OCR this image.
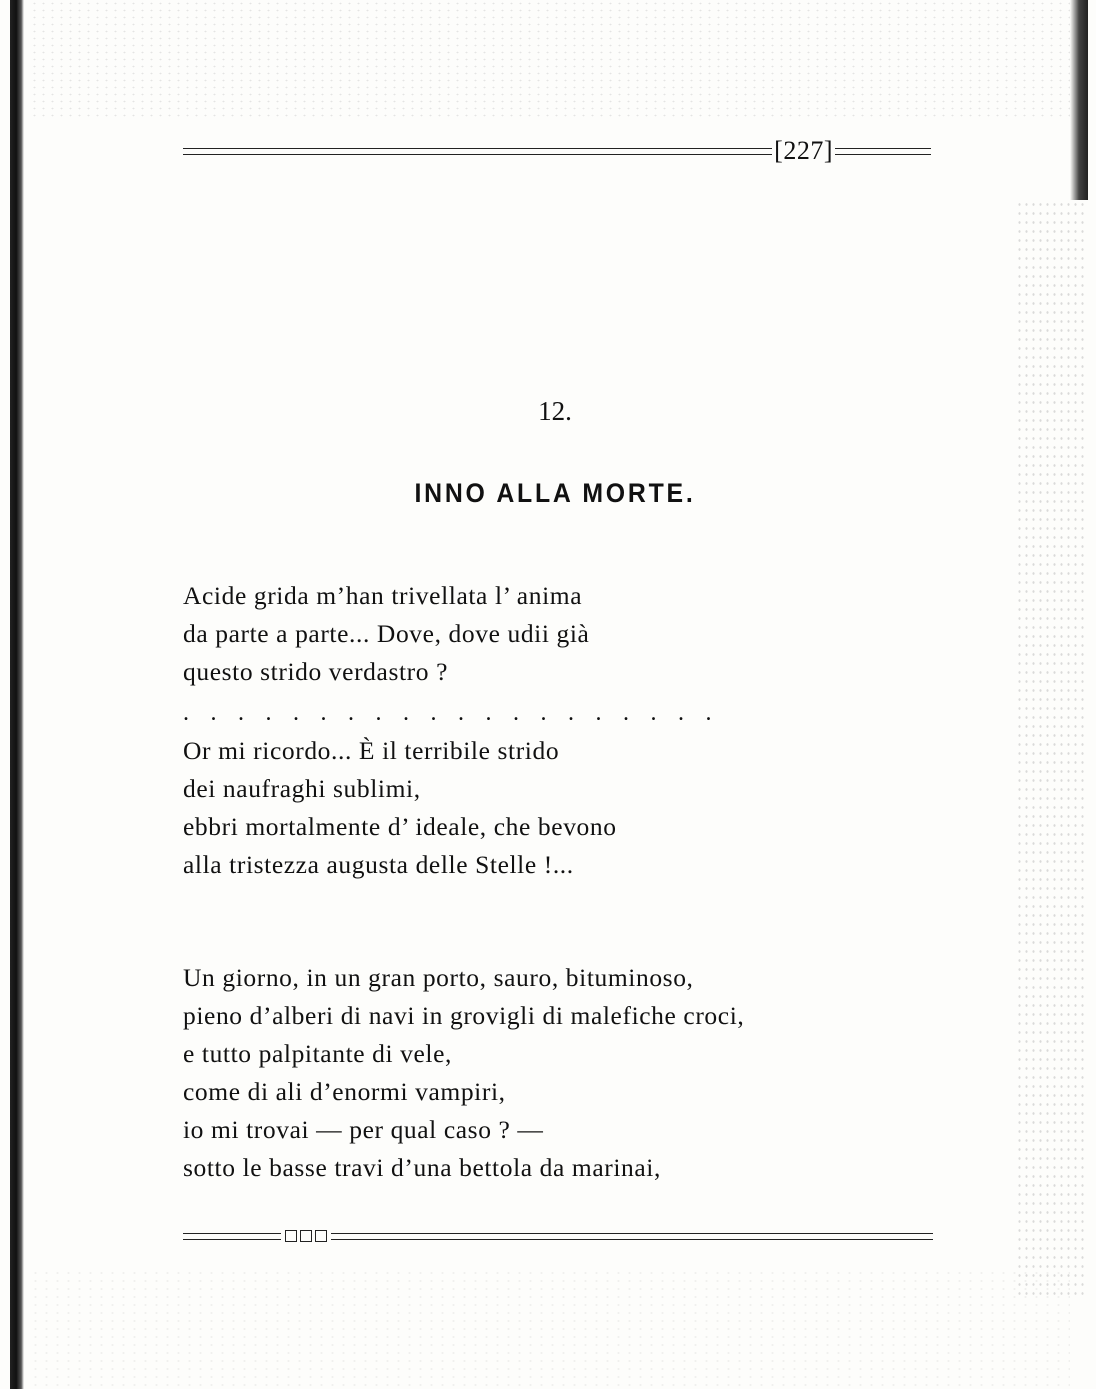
[227]
12.
INNO ALLA MORTE.
Acide grida m’han trivellata l’ anima
da parte a parte... Dove, dove udii già
questo strido verdastro ?
. . . . . . . . . . . . . . . . . . . .
Or mi ricordo... È il terribile strido
dei naufraghi sublimi,
ebbri mortalmente d’ ideale, che bevono
alla tristezza augusta delle Stelle !...
Un giorno, in un gran porto, sauro, bituminoso,
pieno d’alberi di navi in grovigli di malefiche croci,
e tutto palpitante di vele,
come di ali d’enormi vampiri,
io mi trovai — per qual caso ? —
sotto le basse travi d’una bettola da marinai,
